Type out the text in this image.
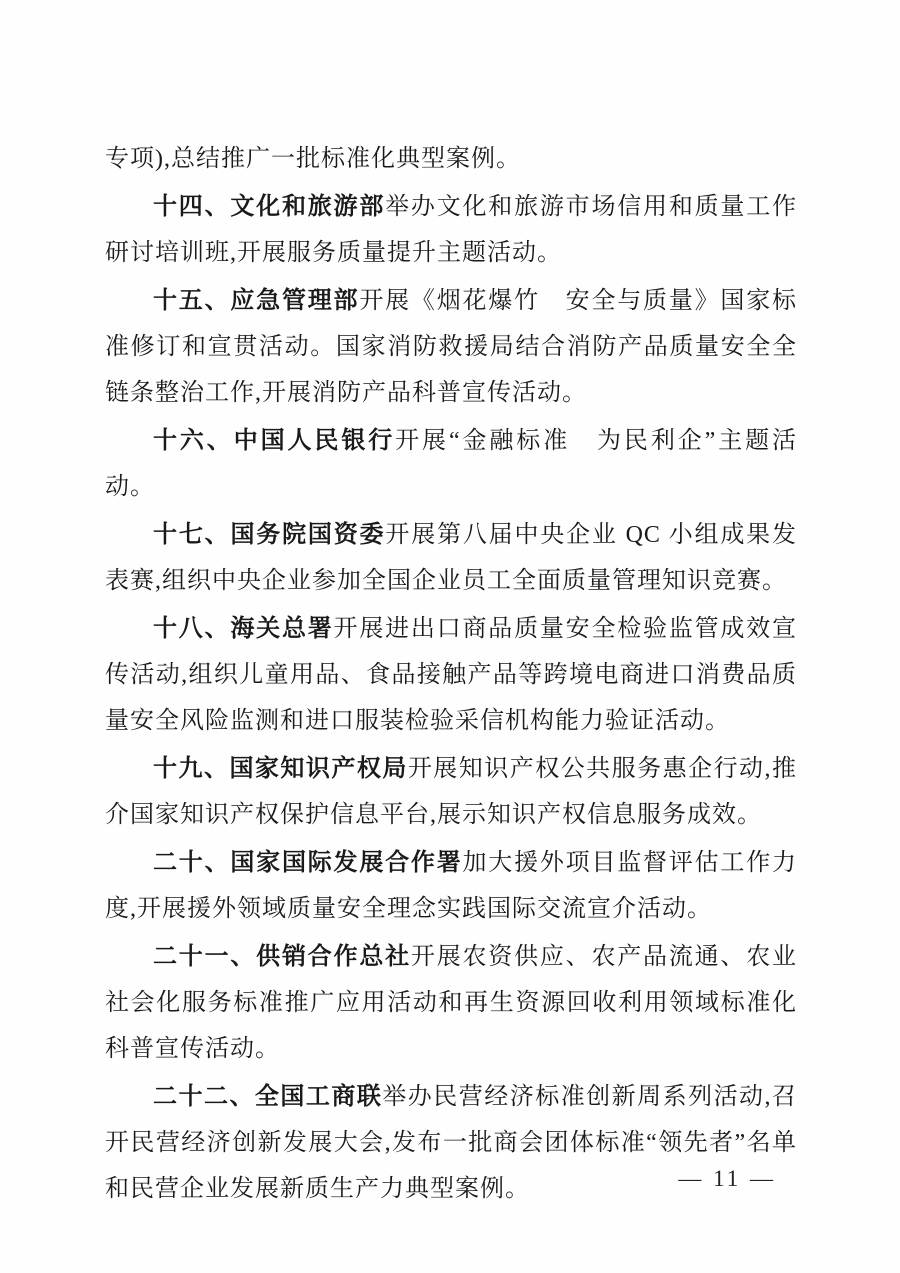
专项),总结推广一批标准化典型案例。

十四、文化和旅游部举办文化和旅游市场信用和质量工作研讨培训班,开展服务质量提升主题活动。

十五、应急管理部开展《烟花爆竹　安全与质量》国家标准修订和宣贯活动。国家消防救援局结合消防产品质量安全全链条整治工作,开展消防产品科普宣传活动。

十六、中国人民银行开展“金融标准　为民利企”主题活动。

十七、国务院国资委开展第八届中央企业 QC 小组成果发表赛,组织中央企业参加全国企业员工全面质量管理知识竞赛。

十八、海关总署开展进出口商品质量安全检验监管成效宣传活动,组织儿童用品、食品接触产品等跨境电商进口消费品质量安全风险监测和进口服装检验采信机构能力验证活动。

十九、国家知识产权局开展知识产权公共服务惠企行动,推介国家知识产权保护信息平台,展示知识产权信息服务成效。

二十、国家国际发展合作署加大援外项目监督评估工作力度,开展援外领域质量安全理念实践国际交流宣介活动。

二十一、供销合作总社开展农资供应、农产品流通、农业社会化服务标准推广应用活动和再生资源回收利用领域标准化科普宣传活动。

二十二、全国工商联举办民营经济标准创新周系列活动,召开民营经济创新发展大会,发布一批商会团体标准“领先者”名单和民营企业发展新质生产力典型案例。	— 11 —
